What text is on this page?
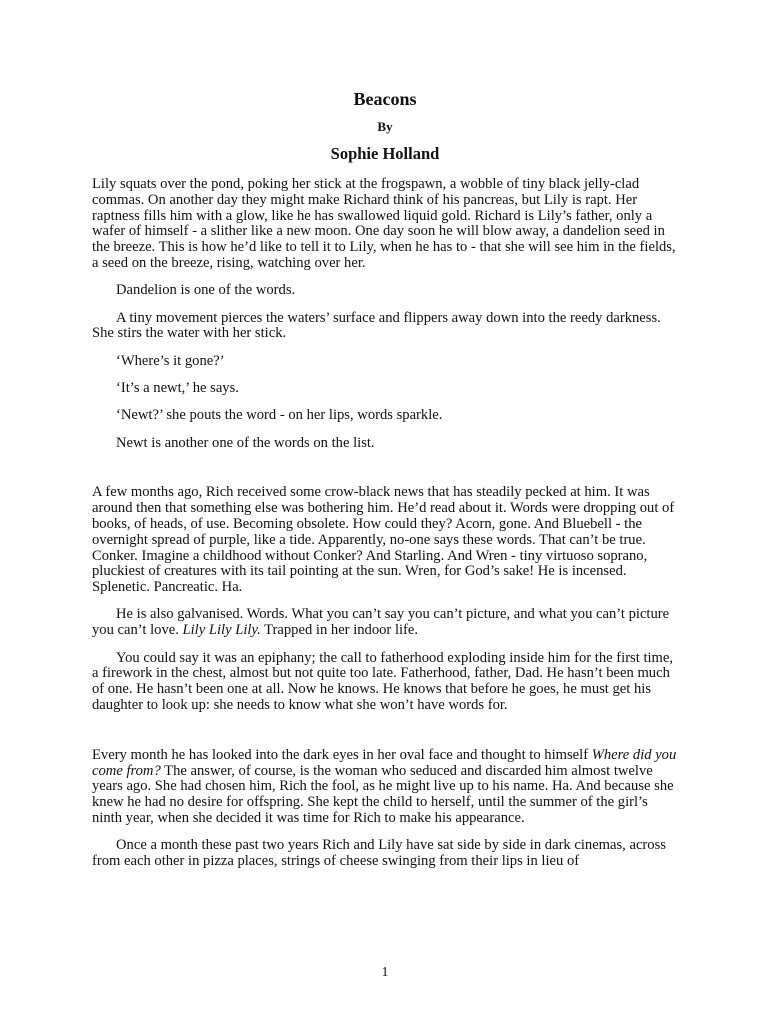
Beacons
By
Sophie Holland

Lily squats over the pond, poking her stick at the frogspawn, a wobble of tiny black jelly-clad commas. On another day they might make Richard think of his pancreas, but Lily is rapt. Her raptness fills him with a glow, like he has swallowed liquid gold. Richard is Lily’s father, only a wafer of himself - a slither like a new moon. One day soon he will blow away, a dandelion seed in the breeze. This is how he’d like to tell it to Lily, when he has to - that she will see him in the fields, a seed on the breeze, rising, watching over her.

Dandelion is one of the words.

A tiny movement pierces the waters’ surface and flippers away down into the reedy darkness. She stirs the water with her stick.

‘Where’s it gone?’

‘It’s a newt,’ he says.

‘Newt?’ she pouts the word - on her lips, words sparkle.

Newt is another one of the words on the list.

A few months ago, Rich received some crow-black news that has steadily pecked at him. It was around then that something else was bothering him. He’d read about it. Words were dropping out of books, of heads, of use. Becoming obsolete. How could they? Acorn, gone. And Bluebell - the overnight spread of purple, like a tide. Apparently, no-one says these words. That can’t be true. Conker. Imagine a childhood without Conker? And Starling. And Wren - tiny virtuoso soprano, pluckiest of creatures with its tail pointing at the sun. Wren, for God’s sake! He is incensed. Splenetic. Pancreatic. Ha.

He is also galvanised. Words. What you can’t say you can’t picture, and what you can’t picture you can’t love. Lily Lily Lily. Trapped in her indoor life.

You could say it was an epiphany; the call to fatherhood exploding inside him for the first time, a firework in the chest, almost but not quite too late. Fatherhood, father, Dad. He hasn’t been much of one. He hasn’t been one at all. Now he knows. He knows that before he goes, he must get his daughter to look up: she needs to know what she won’t have words for.

Every month he has looked into the dark eyes in her oval face and thought to himself Where did you come from? The answer, of course, is the woman who seduced and discarded him almost twelve years ago. She had chosen him, Rich the fool, as he might live up to his name. Ha. And because she knew he had no desire for offspring. She kept the child to herself, until the summer of the girl’s ninth year, when she decided it was time for Rich to make his appearance.

Once a month these past two years Rich and Lily have sat side by side in dark cinemas, across from each other in pizza places, strings of cheese swinging from their lips in lieu of

1
